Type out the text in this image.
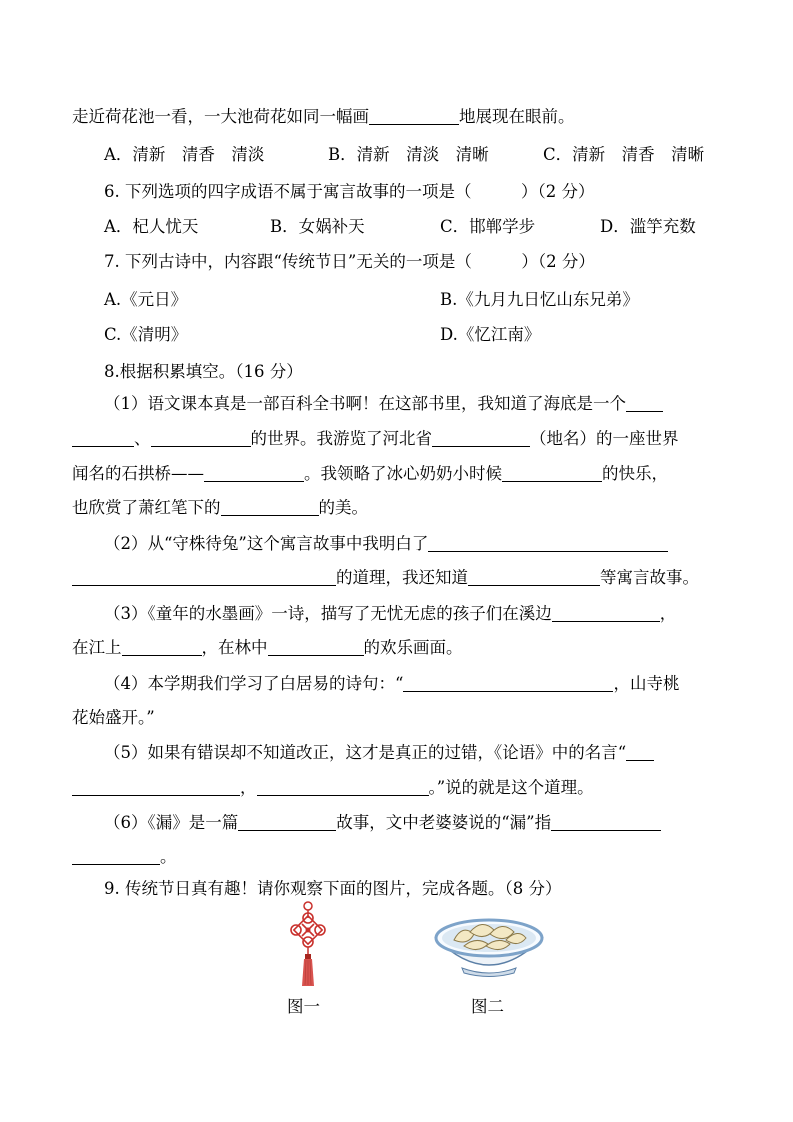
走近荷花池一看，一大池荷花如同一幅画	地展现在眼前。
A．清新　清香　清淡	B．清新　清淡　清晰	C．清新　清香　清晰
6. 下列选项的四字成语不属于寓言故事的一项是（　　　）（2 分）
A．杞人忧天	B．女娲补天	C．邯郸学步	D．滥竽充数
7. 下列古诗中，内容跟“传统节日”无关的一项是（　　　）（2 分）
A.《元日》	B.《九月九日忆山东兄弟》
C.《清明》	D.《忆江南》
8.根据积累填空。（16 分）
（1）语文课本真是一部百科全书啊！在这部书里，我知道了海底是一个
、	的世界。我游览了河北省	（地名）的一座世界
闻名的石拱桥——	。我领略了冰心奶奶小时候	的快乐，
也欣赏了萧红笔下的	的美。
（2）从“守株待兔”这个寓言故事中我明白了
的道理，我还知道	等寓言故事。
（3）《童年的水墨画》一诗，描写了无忧无虑的孩子们在溪边	，
在江上	，在林中	的欢乐画面。
（4）本学期我们学习了白居易的诗句：“	，山寺桃
花始盛开。”
（5）如果有错误却不知道改正，这才是真正的过错，《论语》中的名言“
，	。”说的就是这个道理。
（6）《漏》是一篇	故事，文中老婆婆说的“漏”指
。
9. 传统节日真有趣！请你观察下面的图片，完成各题。（8 分）
图一	图二
